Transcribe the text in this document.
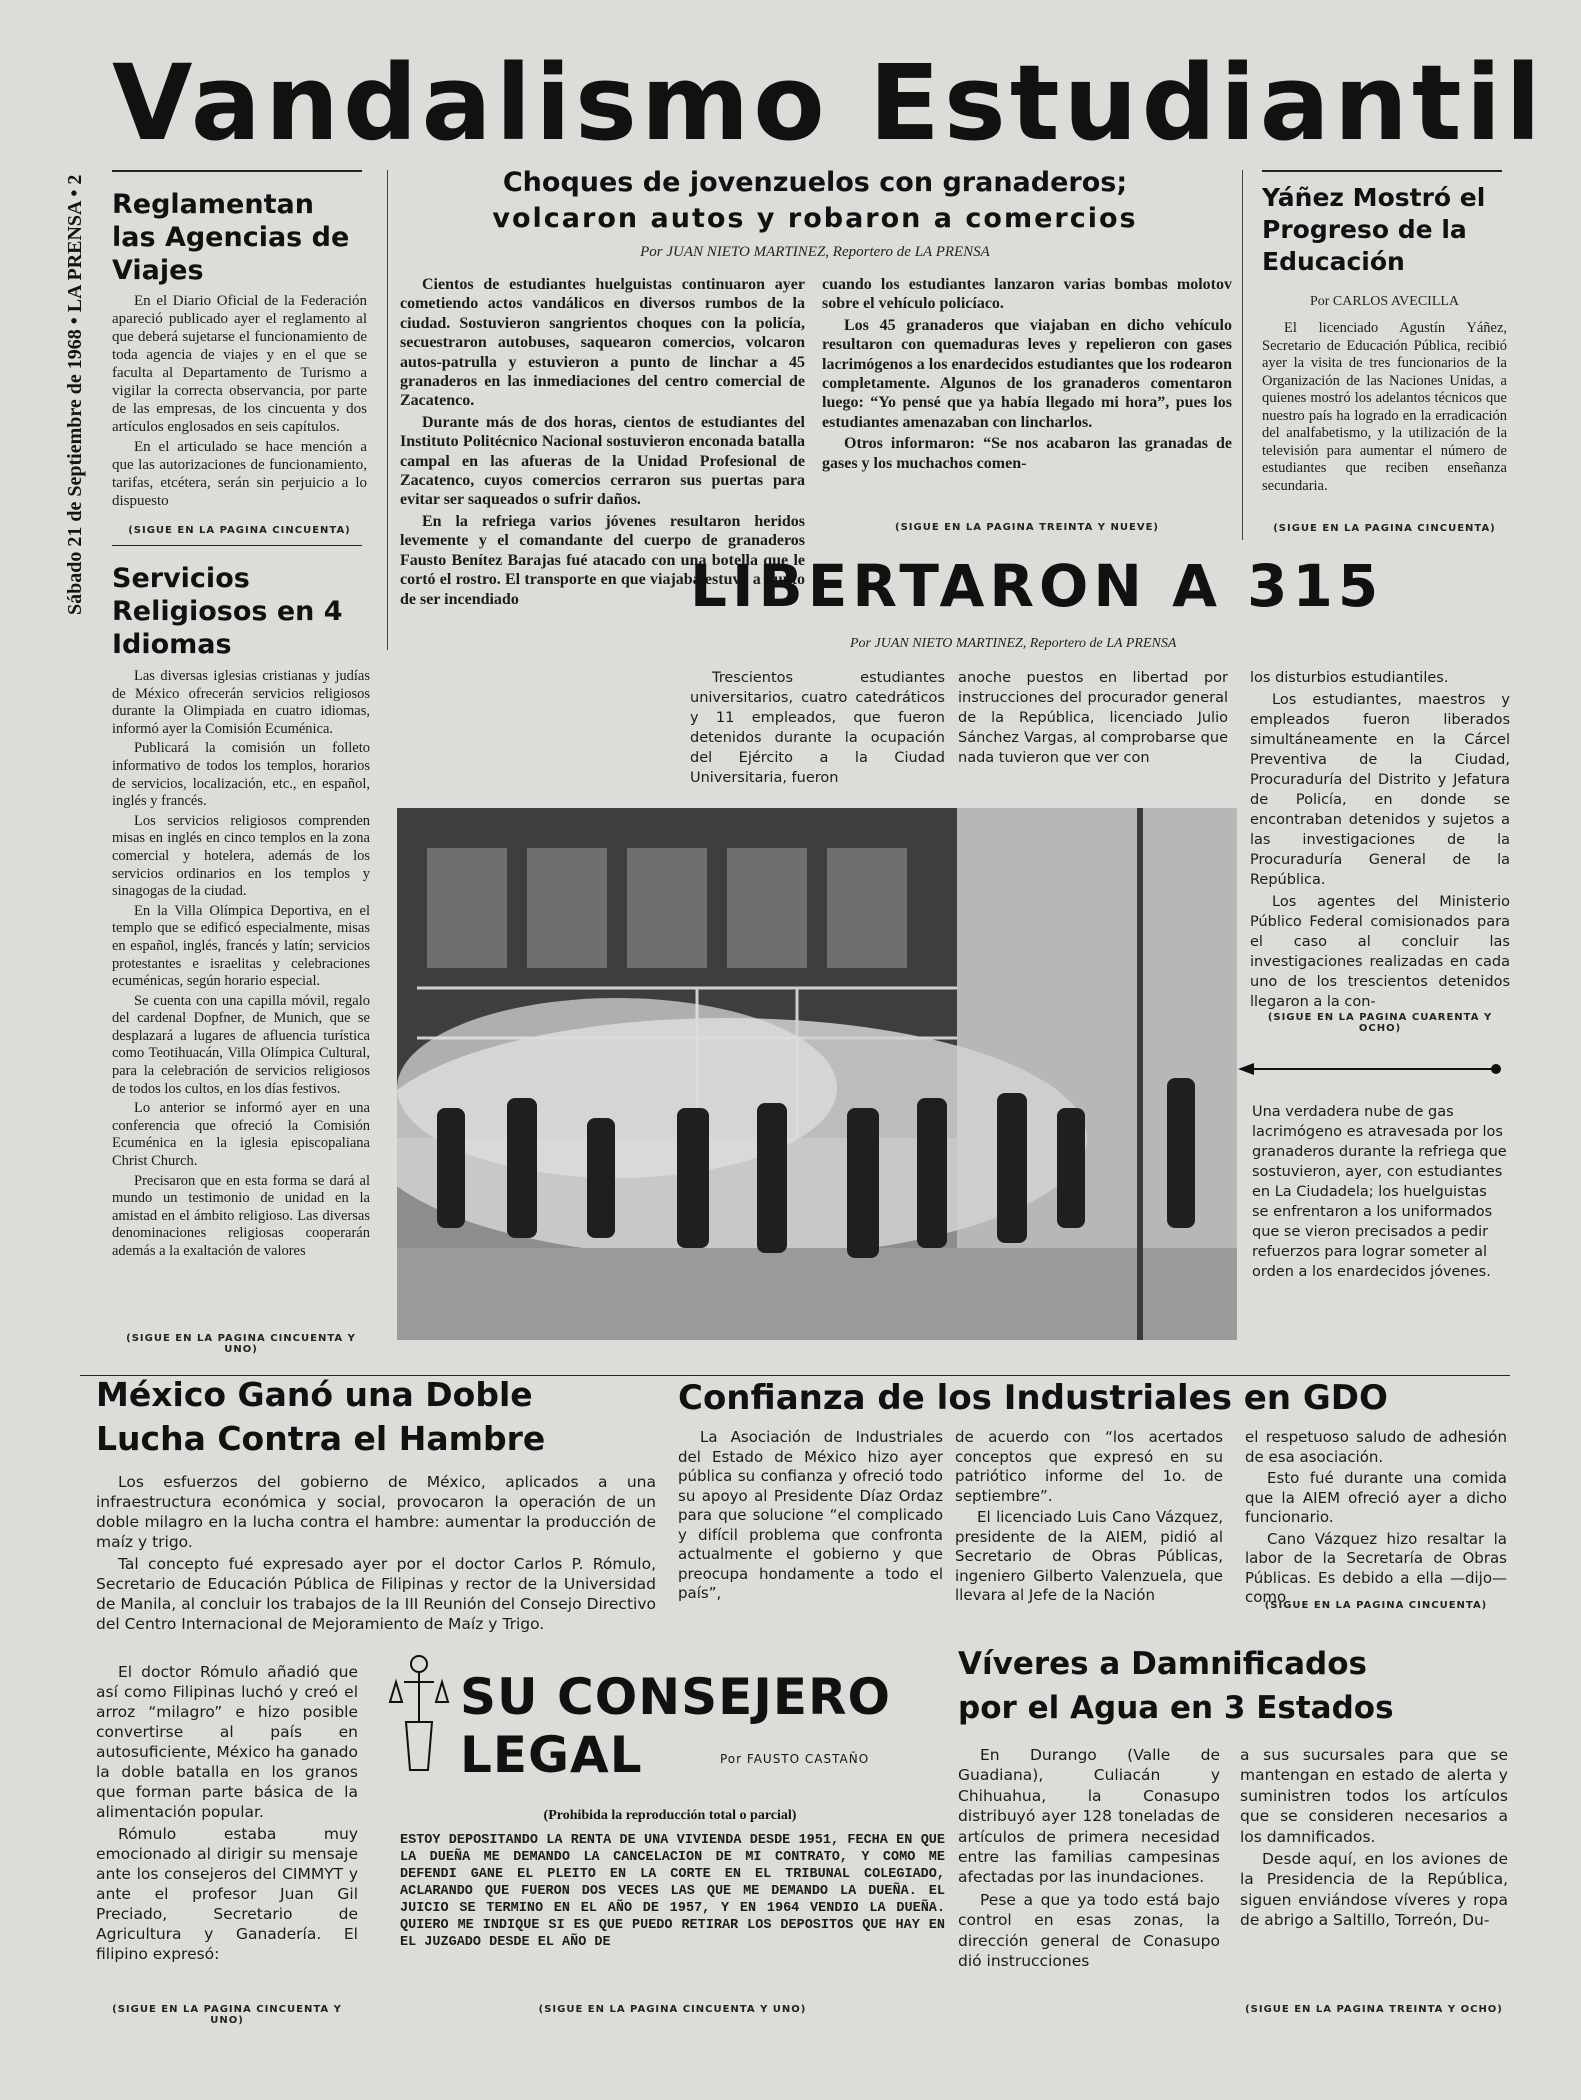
Sábado 21 de Septiembre de 1968 • LA PRENSA • 2
Vandalismo Estudiantil
Reglamentan las Agencias de Viajes

En el Diario Oficial de la Federación apareció publicado ayer el reglamento al que deberá sujetarse el funcionamiento de toda agencia de viajes y en el que se faculta al Departamento de Turismo a vigilar la correcta observancia, por parte de las empresas, de los cincuenta y dos artículos englosados en seis capítulos.

En el articulado se hace mención a que las autorizaciones de funcionamiento, tarifas, etcétera, serán sin perjuicio a lo dispuesto

(SIGUE EN LA PAGINA CINCUENTA)
Servicios Religiosos en 4 Idiomas

Las diversas iglesias cristianas y judías de México ofrecerán servicios religiosos durante la Olimpiada en cuatro idiomas, informó ayer la Comisión Ecuménica.

Publicará la comisión un folleto informativo de todos los templos, horarios de servicios, localización, etc., en español, inglés y francés.

Los servicios religiosos comprenden misas en inglés en cinco templos en la zona comercial y hotelera, además de los servicios ordinarios en los templos y sinagogas de la ciudad.

En la Villa Olímpica Deportiva, en el templo que se edificó especialmente, misas en español, inglés, francés y latín; servicios protestantes e israelitas y celebraciones ecuménicas, según horario especial.

Se cuenta con una capilla móvil, regalo del cardenal Dopfner, de Munich, que se desplazará a lugares de afluencia turística como Teotihuacán, Villa Olímpica Cultural, para la celebración de servicios religiosos de todos los cultos, en los días festivos.

Lo anterior se informó ayer en una conferencia que ofreció la Comisión Ecuménica en la iglesia episcopaliana Christ Church.

Precisaron que en esta forma se dará al mundo un testimonio de unidad en la amistad en el ámbito religioso. Las diversas denominaciones religiosas cooperarán además a la exaltación de valores

(SIGUE EN LA PAGINA CINCUENTA Y UNO)
Choques de jovenzuelos con granaderos;
volcaron autos y robaron a comercios
Por JUAN NIETO MARTINEZ, Reportero de LA PRENSA

Cientos de estudiantes huelguistas continuaron ayer cometiendo actos vandálicos en diversos rumbos de la ciudad. Sostuvieron sangrientos choques con la policía, secuestraron autobuses, saquearon comercios, volcaron autos-patrulla y estuvieron a punto de linchar a 45 granaderos en las inmediaciones del centro comercial de Zacatenco.

Durante más de dos horas, cientos de estudiantes del Instituto Politécnico Nacional sostuvieron enconada batalla campal en las afueras de la Unidad Profesional de Zacatenco, cuyos comercios cerraron sus puertas para evitar ser saqueados o sufrir daños.

En la refriega varios jóvenes resultaron heridos levemente y el comandante del cuerpo de granaderos Fausto Benítez Barajas fué atacado con una botella que le cortó el rostro. El transporte en que viajaba estuvo a punto de ser incendiado

cuando los estudiantes lanzaron varias bombas molotov sobre el vehículo policíaco.

Los 45 granaderos que viajaban en dicho vehículo resultaron con quemaduras leves y repelieron con gases lacrimógenos a los enardecidos estudiantes que los rodearon completamente. Algunos de los granaderos comentaron luego: “Yo pensé que ya había llegado mi hora”, pues los estudiantes amenazaban con lincharlos.

Otros informaron: “Se nos acabaron las granadas de gases y los muchachos comen-

(SIGUE EN LA PAGINA TREINTA Y NUEVE)
Yáñez Mostró el Progreso de la Educación
Por CARLOS AVECILLA

El licenciado Agustín Yáñez, Secretario de Educación Pública, recibió ayer la visita de tres funcionarios de la Organización de las Naciones Unidas, a quienes mostró los adelantos técnicos que nuestro país ha logrado en la erradicación del analfabetismo, y la utilización de la televisión para aumentar el número de estudiantes que reciben enseñanza secundaria.

(SIGUE EN LA PAGINA CINCUENTA)
LIBERTARON A 315
Por JUAN NIETO MARTINEZ, Reportero de LA PRENSA

Trescientos estudiantes universitarios, cuatro catedráticos y 11 empleados, que fueron detenidos durante la ocupación del Ejército a la Ciudad Universitaria, fueron

anoche puestos en libertad por instrucciones del procurador general de la República, licenciado Julio Sánchez Vargas, al comprobarse que nada tuvieron que ver con

los disturbios estudiantiles.

Los estudiantes, maestros y empleados fueron liberados simultáneamente en la Cárcel Preventiva de la Ciudad, Procuraduría del Distrito y Jefatura de Policía, en donde se encontraban detenidos y sujetos a las investigaciones de la Procuraduría General de la República.

Los agentes del Ministerio Público Federal comisionados para el caso al concluir las investigaciones realizadas en cada uno de los trescientos detenidos llegaron a la con-

(SIGUE EN LA PAGINA CUARENTA Y OCHO)

Una verdadera nube de gas lacrimógeno es atravesada por los granaderos durante la refriega que sostuvieron, ayer, con estudiantes en La Ciudadela; los huelguistas se enfrentaron a los uniformados que se vieron precisados a pedir refuerzos para lograr someter al orden a los enardecidos jóvenes.

México Ganó una Doble
Lucha Contra el Hambre

Los esfuerzos del gobierno de México, aplicados a una infraestructura económica y social, provocaron la operación de un doble milagro en la lucha contra el hambre: aumentar la producción de maíz y trigo.

Tal concepto fué expresado ayer por el doctor Carlos P. Rómulo, Secretario de Educación Pública de Filipinas y rector de la Universidad de Manila, al concluir los trabajos de la III Reunión del Consejo Directivo del Centro Internacional de Mejoramiento de Maíz y Trigo.

El doctor Rómulo añadió que así como Filipinas luchó y creó el arroz “milagro” e hizo posible convertirse al país en autosuficiente, México ha ganado la doble batalla en los granos que forman parte básica de la alimentación popular.

Rómulo estaba muy emocionado al dirigir su mensaje ante los consejeros del CIMMYT y ante el profesor Juan Gil Preciado, Secretario de Agricultura y Ganadería. El filipino expresó:

(SIGUE EN LA PAGINA CINCUENTA Y UNO)
Confianza de los Industriales en GDO

La Asociación de Industriales del Estado de México hizo ayer pública su confianza y ofreció todo su apoyo al Presidente Díaz Ordaz para que solucione “el complicado y difícil problema que confronta actualmente el gobierno y que preocupa hondamente a todo el país”,

de acuerdo con “los acertados conceptos que expresó en su patriótico informe del 1o. de septiembre”.

El licenciado Luis Cano Vázquez, presidente de la AIEM, pidió al Secretario de Obras Públicas, ingeniero Gilberto Valenzuela, que llevara al Jefe de la Nación

el respetuoso saludo de adhesión de esa asociación.

Esto fué durante una comida que la AIEM ofreció ayer a dicho funcionario.

Cano Vázquez hizo resaltar la labor de la Secretaría de Obras Públicas. Es debido a ella —dijo— como

(SIGUE EN LA PAGINA CINCUENTA)
SU CONSEJERO
LEGAL	Por FAUSTO CASTAÑO
(Prohibida la reproducción total o parcial)

ESTOY DEPOSITANDO LA RENTA DE UNA VIVIENDA DESDE 1951, FECHA EN QUE LA DUEÑA ME DEMANDO LA CANCELACION DE MI CONTRATO, Y COMO ME DEFENDI GANE EL PLEITO EN LA CORTE EN EL TRIBUNAL COLEGIADO, ACLARANDO QUE FUERON DOS VECES LAS QUE ME DEMANDO LA DUEÑA. EL JUICIO SE TERMINO EN EL AÑO DE 1957, Y EN 1964 VENDIO LA DUEÑA. QUIERO ME INDIQUE SI ES QUE PUEDO RETIRAR LOS DEPOSITOS QUE HAY EN EL JUZGADO DESDE EL AÑO DE

(SIGUE EN LA PAGINA CINCUENTA Y UNO)
Víveres a Damnificados
por el Agua en 3 Estados

En Durango (Valle de Guadiana), Culiacán y Chihuahua, la Conasupo distribuyó ayer 128 toneladas de artículos de primera necesidad entre las familias campesinas afectadas por las inundaciones.

Pese a que ya todo está bajo control en esas zonas, la dirección general de Conasupo dió instrucciones

a sus sucursales para que se mantengan en estado de alerta y suministren todos los artículos que se consideren necesarios a los damnificados.

Desde aquí, en los aviones de la Presidencia de la República, siguen enviándose víveres y ropa de abrigo a Saltillo, Torreón, Du-

(SIGUE EN LA PAGINA TREINTA Y OCHO)
